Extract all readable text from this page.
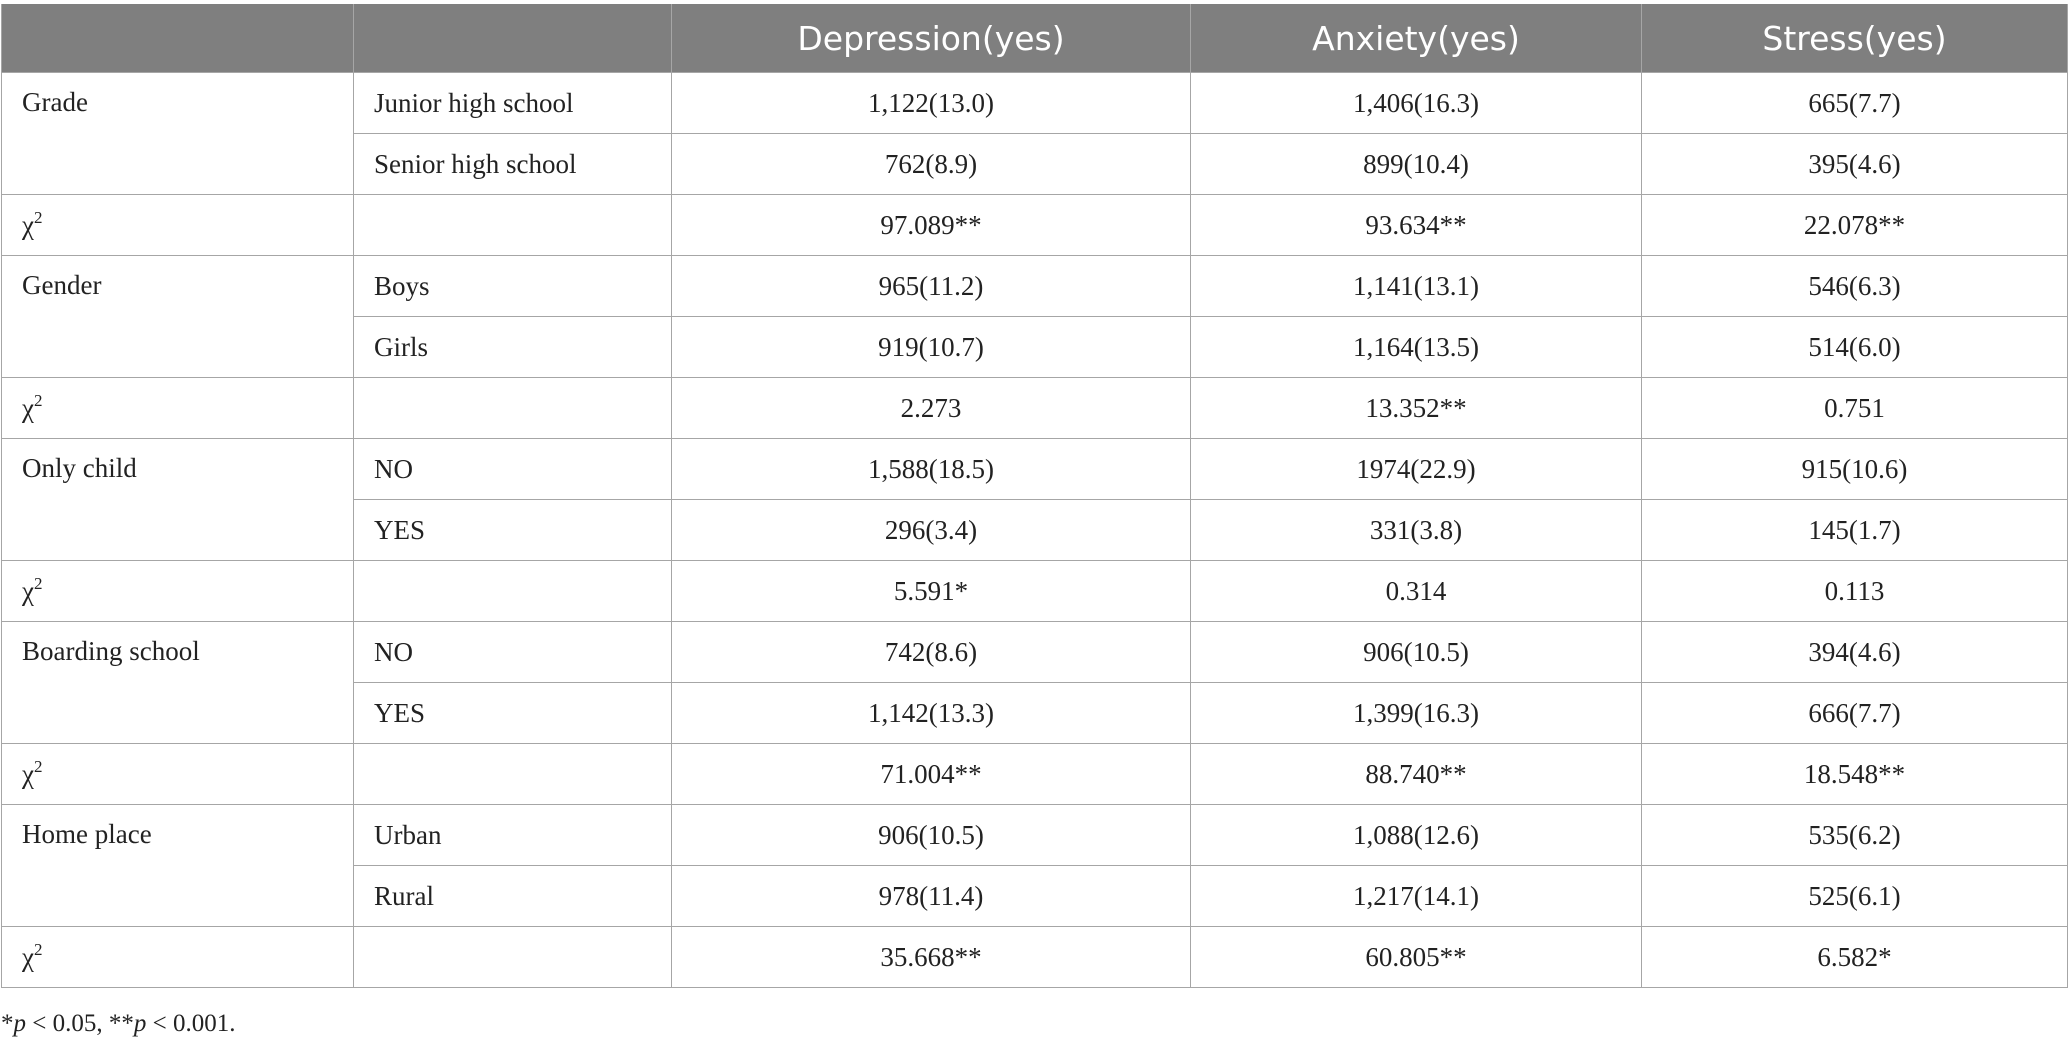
		Depression(yes)	Anxiety(yes)	Stress(yes)
Grade	Junior high school	1,122(13.0)	1,406(16.3)	665(7.7)
	Senior high school	762(8.9)	899(10.4)	395(4.6)
$\chi^2$		97.089**	93.634**	22.078**
Gender	Boys	965(11.2)	1,141(13.1)	546(6.3)
	Girls	919(10.7)	1,164(13.5)	514(6.0)
$\chi^2$		2.273	13.352**	0.751
Only child	NO	1,588(18.5)	1974(22.9)	915(10.6)
	YES	296(3.4)	331(3.8)	145(1.7)
$\chi^2$		5.591*	0.314	0.113
Boarding school	NO	742(8.6)	906(10.5)	394(4.6)
	YES	1,142(13.3)	1,399(16.3)	666(7.7)
$\chi^2$		71.004**	88.740**	18.548**
Home place	Urban	906(10.5)	1,088(12.6)	535(6.2)
	Rural	978(11.4)	1,217(14.1)	525(6.1)
$\chi^2$		35.668**	60.805**	6.582*
*p < 0.05, **p < 0.001.
